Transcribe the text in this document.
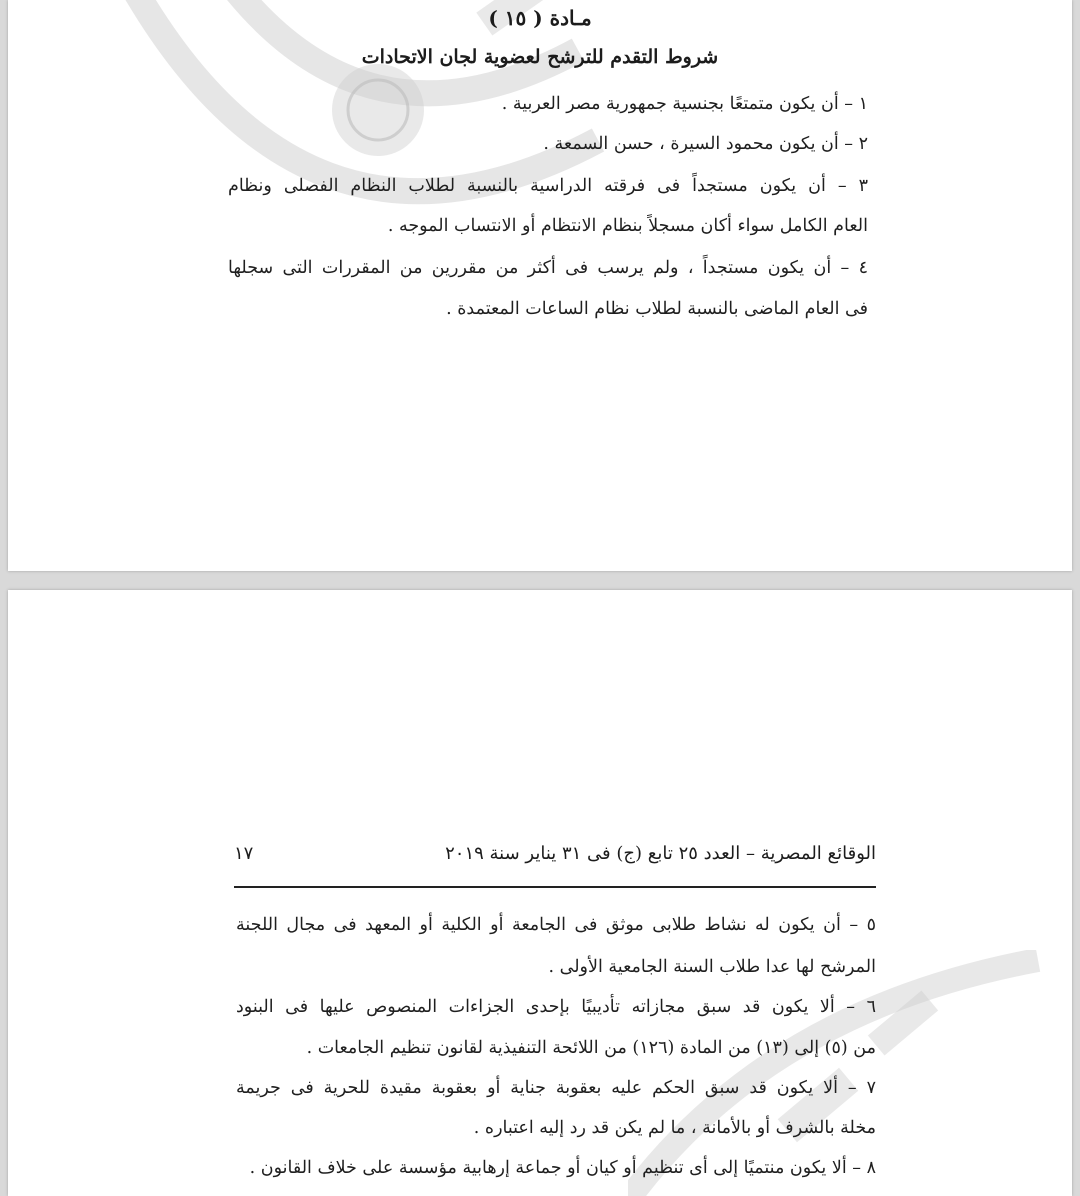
مـادة ( ١٥ )
شروط التقدم للترشح لعضوية لجان الاتحادات
١ – أن يكون متمتعًا بجنسية جمهورية مصر العربية .
٢ – أن يكون محمود السيرة ، حسن السمعة .
٣ – أن يكون مستجداً فى فرقته الدراسية بالنسبة لطلاب النظام الفصلى ونظام
العام الكامل سواء أكان مسجلاً بنظام الانتظام أو الانتساب الموجه .
٤ – أن يكون مستجداً ، ولم يرسب فى أكثر من مقررين من المقررات التى سجلها
فى العام الماضى بالنسبة لطلاب نظام الساعات المعتمدة .
الوقائع المصرية – العدد ٢٥ تابع (ج) فى ٣١ يناير سنة ٢٠١٩
١٧
٥ – أن يكون له نشاط طلابى موثق فى الجامعة أو الكلية أو المعهد فى مجال اللجنة
المرشح لها عدا طلاب السنة الجامعية الأولى .
٦ – ألا يكون قد سبق مجازاته تأديبيًا بإحدى الجزاءات المنصوص عليها فى البنود
من (٥) إلى (١٣) من المادة (١٢٦) من اللائحة التنفيذية لقانون تنظيم الجامعات .
٧ – ألا يكون قد سبق الحكم عليه بعقوبة جناية أو بعقوبة مقيدة للحرية فى جريمة
مخلة بالشرف أو بالأمانة ، ما لم يكن قد رد إليه اعتباره .
٨ – ألا يكون منتميًا إلى أى تنظيم أو كيان أو جماعة إرهابية مؤسسة على خلاف القانون .
